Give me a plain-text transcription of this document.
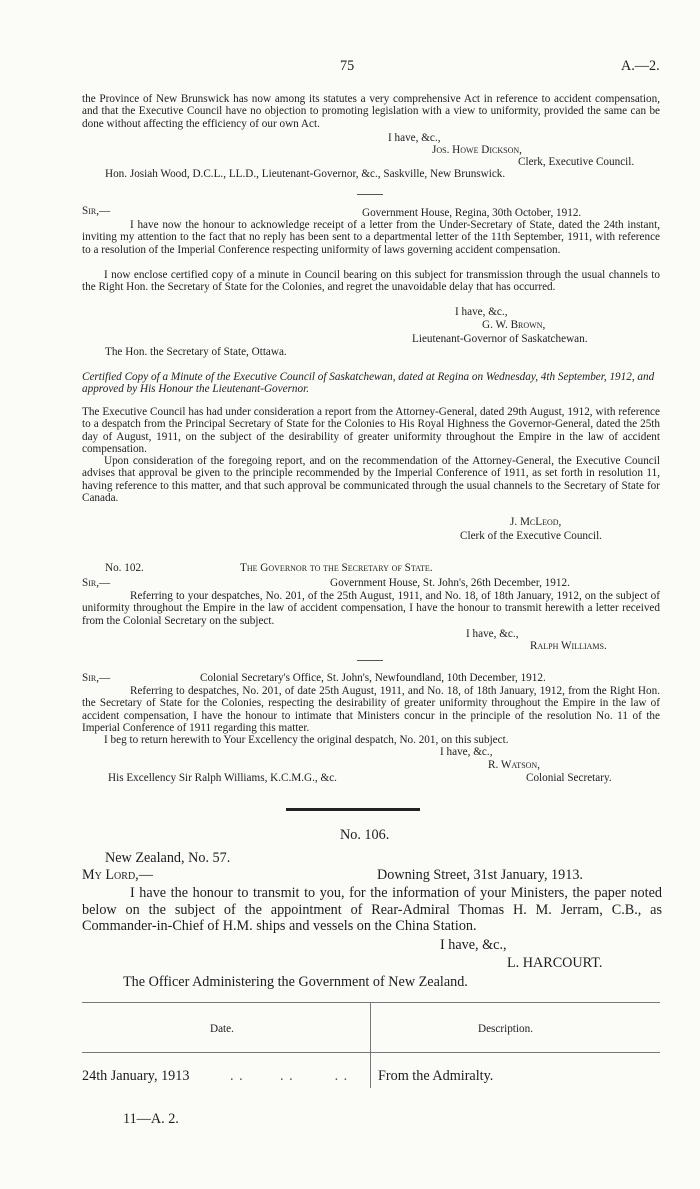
75	A.—2.
the Province of New Brunswick has now among its statutes a very comprehensive Act in reference to accident compensation, and that the Executive Council have no objection to promoting legislation with a view to uniformity, provided the same can be done without affecting the efficiency of our own Act.
I have, &c.,
Jos. Howe Dickson,
Clerk, Executive Council.
Hon. Josiah Wood, D.C.L., LL.D., Lieutenant-Governor, &c., Saskville, New Brunswick.
Sir,—	Government House, Regina, 30th October, 1912.
I have now the honour to acknowledge receipt of a letter from the Under-Secretary of State, dated the 24th instant, inviting my attention to the fact that no reply has been sent to a departmental letter of the 11th September, 1911, with reference to a resolution of the Imperial Conference respecting uniformity of laws governing accident compensation.
I now enclose certified copy of a minute in Council bearing on this subject for transmission through the usual channels to the Right Hon. the Secretary of State for the Colonies, and regret the unavoidable delay that has occurred.
I have, &c.,
G. W. Brown,
Lieutenant-Governor of Saskatchewan.
The Hon. the Secretary of State, Ottawa.
Certified Copy of a Minute of the Executive Council of Saskatchewan, dated at Regina on Wednesday, 4th September, 1912, and approved by His Honour the Lieutenant-Governor.
The Executive Council has had under consideration a report from the Attorney-General, dated 29th August, 1912, with reference to a despatch from the Principal Secretary of State for the Colonies to His Royal Highness the Governor-General, dated the 25th day of August, 1911, on the subject of the desirability of greater uniformity throughout the Empire in the law of accident compensation.
Upon consideration of the foregoing report, and on the recommendation of the Attorney-General, the Executive Council advises that approval be given to the principle recommended by the Imperial Conference of 1911, as set forth in resolution 11, having reference to this matter, and that such approval be communicated through the usual channels to the Secretary of State for Canada.
J. McLeod,
Clerk of the Executive Council.
No. 102.	The Governor to the Secretary of State.
Sir,—	Government House, St. John's, 26th December, 1912.
Referring to your despatches, No. 201, of the 25th August, 1911, and No. 18, of 18th January, 1912, on the subject of uniformity throughout the Empire in the law of accident compensation, I have the honour to transmit herewith a letter received from the Colonial Secretary on the subject.
I have, &c.,
Ralph Williams.
Sir,—	Colonial Secretary's Office, St. John's, Newfoundland, 10th December, 1912.
Referring to despatches, No. 201, of date 25th August, 1911, and No. 18, of 18th January, 1912, from the Right Hon. the Secretary of State for the Colonies, respecting the desirability of greater uniformity throughout the Empire in the law of accident compensation, I have the honour to intimate that Ministers concur in the principle of the resolution No. 11 of the Imperial Conference of 1911 regarding this matter.
I beg to return herewith to Your Excellency the original despatch, No. 201, on this subject.
I have, &c.,
R. Watson,
His Excellency Sir Ralph Williams, K.C.M.G., &c.	Colonial Secretary.
No. 106.
New Zealand, No. 57.
My Lord,—	Downing Street, 31st January, 1913.
I have the honour to transmit to you, for the information of your Ministers, the paper noted below on the subject of the appointment of Rear-Admiral Thomas H. M. Jerram, C.B., as Commander-in-Chief of H.M. ships and vessels on the China Station.
I have, &c.,
L. HARCOURT.
The Officer Administering the Government of New Zealand.
Date.	Description.
24th January, 1913	. .        . .         . . From the Admiralty.
11—A. 2.
